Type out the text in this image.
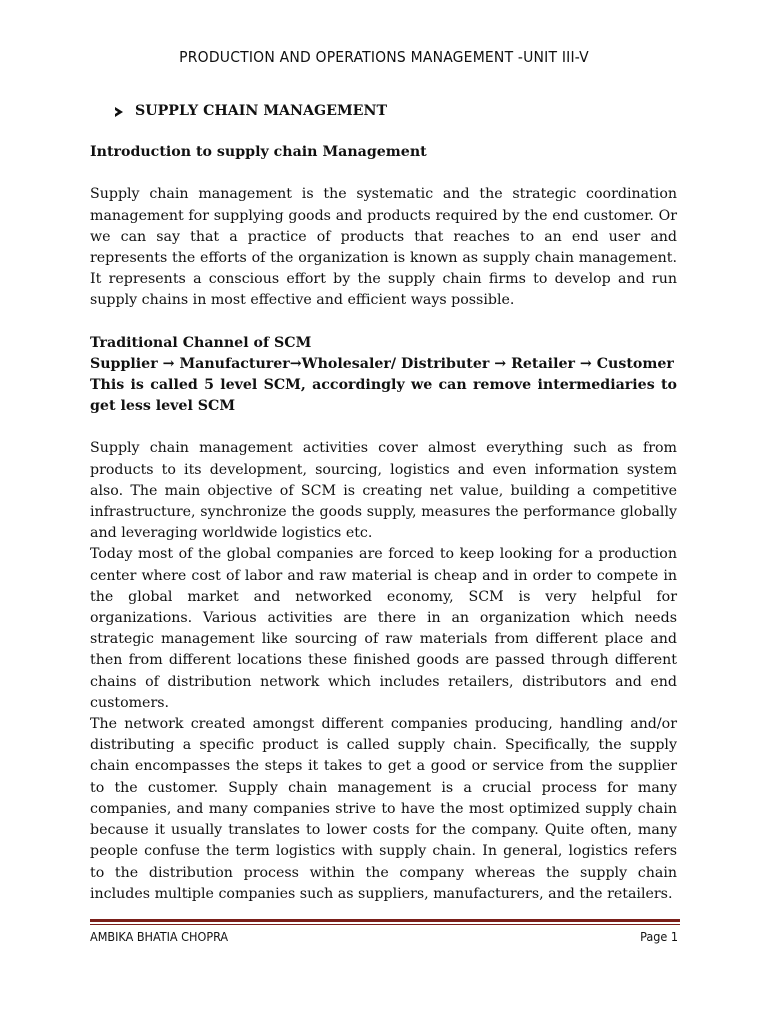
PRODUCTION AND OPERATIONS MANAGEMENT -UNIT III-V
SUPPLY CHAIN MANAGEMENT

Introduction to supply chain Management

Supply chain management is the systematic and the strategic coordination management for supplying goods and products required by the end customer. Or we can say that a practice of products that reaches to an end user and represents the efforts of the organization is known as supply chain management. It represents a conscious effort by the supply chain firms to develop and run supply chains in most effective and efficient ways possible.

Traditional Channel of SCM

Supplier → Manufacturer→Wholesaler/ Distributer → Retailer → Customer

This is called 5 level SCM, accordingly we can remove intermediaries to get less level SCM

Supply chain management activities cover almost everything such as from products to its development, sourcing, logistics and even information system also. The main objective of SCM is creating net value, building a competitive infrastructure, synchronize the goods supply, measures the performance globally and leveraging worldwide logistics etc.

Today most of the global companies are forced to keep looking for a production center where cost of labor and raw material is cheap and in order to compete in the global market and networked economy, SCM is very helpful for organizations. Various activities are there in an organization which needs strategic management like sourcing of raw materials from different place and then from different locations these finished goods are passed through different chains of distribution network which includes retailers, distributors and end customers.

The network created amongst different companies producing, handling and/or distributing a specific product is called supply chain. Specifically, the supply chain encompasses the steps it takes to get a good or service from the supplier to the customer. Supply chain management is a crucial process for many companies, and many companies strive to have the most optimized supply chain because it usually translates to lower costs for the company. Quite often, many people confuse the term logistics with supply chain. In general, logistics refers to the distribution process within the company whereas the supply chain includes multiple companies such as suppliers, manufacturers, and the retailers.

AMBIKA BHATIA CHOPRA	Page 1
